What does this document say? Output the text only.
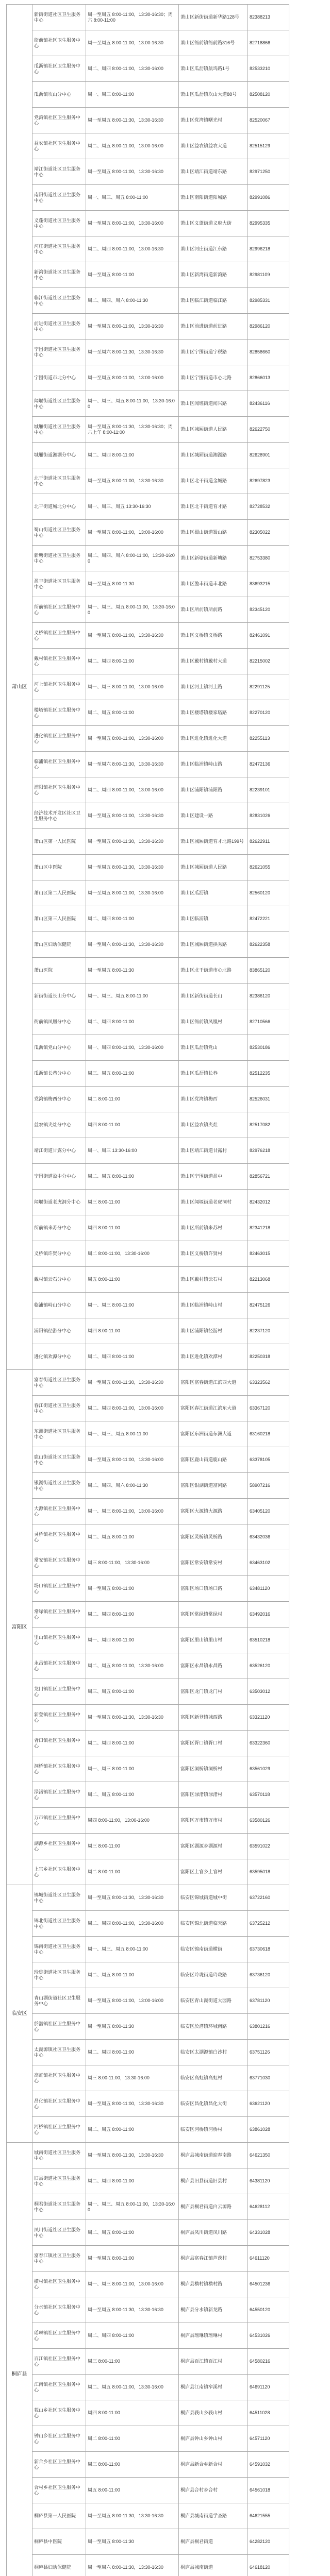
萧山区	新街街道社区卫生服务中心	周一至周五 8:00-11:00，13:30-16:30；周六 8:00-11:00	萧山区新街街道新华路128号	82388213
	衙前镇社区卫生服务中心	周一至周五 8:00-11:00，13:00-16:30	萧山区衙前镇衙前路316号	82718866
	瓜沥镇社区卫生服务中心	周二、周四 8:00-11:00，13:30-16:00	萧山区瓜沥镇航坞路1号	82533210
	瓜沥镇坎山分中心	周一、周三 8:00-11:00	萧山区瓜沥镇坎山大道88号	82508120
	党湾镇社区卫生服务中心	周一至周五 8:00-11:30，13:30-16:30	萧山区党湾镇曙光村	82520067
	益农镇社区卫生服务中心	周二、周五 8:00-11:00，13:00-16:00	萧山区益农镇益农大道	82515129
	靖江街道社区卫生服务中心	周一至周五 8:00-11:00，13:30-16:30	萧山区靖江街道靖东路	82971250
	南阳街道社区卫生服务中心	周一、周三、周五 8:00-11:00	萧山区南阳街道阳城路	82991086
	义蓬街道社区卫生服务中心	周一至周五 8:00-11:00，13:30-16:00	萧山区义蓬街道义府大街	82995335
	河庄街道社区卫生服务中心	周二、周四 8:00-11:00，13:00-16:30	萧山区河庄街道江东路	82996218
	新湾街道社区卫生服务中心	周一至周五 8:00-11:00	萧山区新湾街道新湾路	82981109
	临江街道社区卫生服务中心	周二、周四、周六 8:00-11:30	萧山区临江街道临江路	82985331
	前进街道社区卫生服务中心	周一至周五 8:00-11:00，13:30-16:30	萧山区前进街道前进路	82986120
	宁围街道社区卫生服务中心	周一至周六 8:00-11:30，13:30-16:30	萧山区宁围街道宁税路	82858660
	宁围街道市北分中心	周一至周五 8:00-11:00，13:00-16:00	萧山区宁围街道市心北路	82866013
	闻堰街道社区卫生服务中心	周一、周三、周五 8:00-11:00，13:30-16:00	萧山区闻堰街道闻兴路	82436116
	城厢街道社区卫生服务中心	周一至周五 8:00-11:30，13:30-16:30；周六上午 8:00-11:00	萧山区城厢街道人民路	82622750
	城厢街道湘湖分中心	周二、周四 8:00-11:00	萧山区城厢街道湘湖路	82628901
	北干街道社区卫生服务中心	周一至周五 8:00-11:00，13:30-16:30	萧山区北干街道金城路	82697823
	北干街道城北分中心	周一、周三、周五 13:30-16:30	萧山区北干街道育才路	82728532
	蜀山街道社区卫生服务中心	周一至周五 8:00-11:00，13:00-16:00	萧山区蜀山街道蜀山路	82305022
	新塘街道社区卫生服务中心	周二、周四、周六 8:00-11:00，13:30-16:00	萧山区新塘街道新塘路	82753380
	盈丰街道社区卫生服务中心	周一至周五 8:00-11:30	萧山区盈丰街道丰北路	83693215
	所前镇社区卫生服务中心	周一、周三、周五 8:00-11:00，13:30-16:00	萧山区所前镇所前路	82345120
	义桥镇社区卫生服务中心	周一至周五 8:00-11:00，13:30-16:30	萧山区义桥镇义桥路	82461091
	戴村镇社区卫生服务中心	周二、周四 8:00-11:00	萧山区戴村镇戴村大道	82215002
	河上镇社区卫生服务中心	周一、周三 8:00-11:00，13:00-16:00	萧山区河上镇河上路	82291125
	楼塔镇社区卫生服务中心	周二、周五 8:00-11:00	萧山区楼塔镇楼家塔路	82270120
	进化镇社区卫生服务中心	周一至周五 8:00-11:00，13:30-16:00	萧山区进化镇进化大道	82255113
	临浦镇社区卫生服务中心	周一至周六 8:00-11:30，13:30-16:30	萧山区临浦镇峙山路	82472136
	浦阳镇社区卫生服务中心	周二、周四 8:00-11:00，13:00-16:00	萧山区浦阳镇浦阳路	82239101
	经济技术开发区社区卫生服务中心	周一至周五 8:00-11:00，13:30-16:30	萧山区建设一路	82831026
	萧山区第一人民医院	周一至周五 8:00-11:30，13:30-16:30	萧山区城厢街道育才北路199号	82622911
	萧山区中医院	周一至周五 8:00-11:30，13:30-16:30	萧山区城厢街道人民路	82621055
	萧山区第二人民医院	周一至周五 8:00-11:00，13:30-16:00	萧山区瓜沥镇	82560120
	萧山区第三人民医院	周二、周四 8:00-11:00	萧山区临浦镇	82472221
	萧山区妇幼保健院	周一至周六 8:00-11:30，13:30-16:30	萧山区城厢街道拱秀路	82622358
	萧山医院	周一至周五 8:00-11:30	萧山区北干街道市心北路	83865120
	新街街道长山分中心	周一、周三、周五 8:00-11:00	萧山区新街街道长山	82386120
	衙前镇凤凰分中心	周二、周四 8:00-11:00	萧山区衙前镇凤凰村	82710566
	瓜沥镇党山分中心	周一、周四 8:00-11:00，13:30-16:00	萧山区瓜沥镇党山	82530186
	瓜沥镇长巷分中心	周三、周五 8:00-11:00	萧山区瓜沥镇长巷	82512235
	党湾镇梅西分中心	周二 8:00-11:00	萧山区党湾镇梅西	82526031
	益农镇夹灶分中心	周四 8:00-11:00	萧山区益农镇夹灶	82517082
	靖江街道甘露分中心	周一、周三 13:30-16:00	萧山区靖江街道甘露村	82976218
	宁围街道盈中分中心	周二、周五 8:00-11:00	萧山区宁围街道盈中	82856721
	闻堰街道老虎洞分中心	周三 8:00-11:00	萧山区闻堰街道老虎洞村	82432012
	所前镇来苏分中心	周四 8:00-11:00	萧山区所前镇来苏村	82341218
	义桥镇许贤分中心	周二 8:00-11:00，13:30-16:00	萧山区义桥镇许贤村	82463015
	戴村镇云石分中心	周五 8:00-11:00	萧山区戴村镇云石村	82213068
	临浦镇峙山分中心	周一、周三 8:00-11:00	萧山区临浦镇峙山村	82475126
	浦阳镇径游分中心	周四 8:00-11:00	萧山区浦阳镇径游村	82237120
	进化镇欢潭分中心	周二、周四 8:00-11:00	萧山区进化镇欢潭村	82250318
富阳区	富春街道社区卫生服务中心	周一至周五 8:00-11:30，13:30-16:30	富阳区富春街道江滨西大道	63323562
	春江街道社区卫生服务中心	周二、周四 8:00-11:00，13:00-16:00	富阳区春江街道江滨东大道	63367120
	东洲街道社区卫生服务中心	周一、周三、周五 8:00-11:00	富阳区东洲街道东洲大道	63160218
	鹿山街道社区卫生服务中心	周一至周五 8:00-11:00，13:30-16:00	富阳区鹿山街道鹿山路	63378105
	银湖街道社区卫生服务中心	周二、周四、周六 8:00-11:30	富阳区银湖街道富闲路	58907216
	大源镇社区卫生服务中心	周一、周三 8:00-11:00，13:00-16:00	富阳区大源镇大源路	63405120
	灵桥镇社区卫生服务中心	周二、周五 8:00-11:00	富阳区灵桥镇灵桥路	63432036
	常安镇社区卫生服务中心	周三 8:00-11:00，13:30-16:00	富阳区常安镇常安村	63463102
	场口镇社区卫生服务中心	周一至周五 8:00-11:00	富阳区场口镇场口路	63481120
	常绿镇社区卫生服务中心	周二、周四 8:00-11:00	富阳区常绿镇常绿村	63492016
	里山镇社区卫生服务中心	周一、周四 8:00-11:00	富阳区里山镇里山村	63510218
	永昌镇社区卫生服务中心	周二、周五 8:00-11:00，13:30-16:00	富阳区永昌镇永昌路	63526120
	龙门镇社区卫生服务中心	周三、周五 8:00-11:00	富阳区龙门镇龙门村	63503012
	新登镇社区卫生服务中心	周一至周五 8:00-11:30，13:30-16:30	富阳区新登镇城西路	63321120
	胥口镇社区卫生服务中心	周二、周四 8:00-11:00	富阳区胥口镇胥口村	63322360
	洞桥镇社区卫生服务中心	周一、周三 8:00-11:00	富阳区洞桥镇洞桥村	63561029
	渌渚镇社区卫生服务中心	周二、周五 8:00-11:00	富阳区渌渚镇渌渚村	63570118
	万市镇社区卫生服务中心	周四 8:00-11:00，13:00-16:00	富阳区万市镇万市村	63580126
	湖源乡社区卫生服务中心	周三 8:00-11:00	富阳区湖源乡湖源村	63591022
	上官乡社区卫生服务中心	周二 8:00-11:00	富阳区上官乡上官村	63595018
临安区	锦城街道社区卫生服务中心	周一至周五 8:00-11:30，13:30-16:30	临安区锦城街道城中街	63722160
	锦北街道社区卫生服务中心	周二、周四 8:00-11:00，13:30-16:00	临安区锦北街道临天路	63725212
	锦南街道社区卫生服务中心	周一、周三、周五 8:00-11:00	临安区锦南街道横街	63730618
	玲珑街道社区卫生服务中心	周二、周五 8:00-11:00	临安区玲珑街道玲珑路	63736120
	青山湖街道社区卫生服务中心	周一至周五 8:00-11:00，13:00-16:00	临安区青山湖街道大园路	63781120
	於潜镇社区卫生服务中心	周一至周五 8:00-11:30	临安区於潜镇环城南路	63801216
	太湖源镇社区卫生服务中心	周二、周四 8:00-11:00	临安区太湖源镇白沙村	63751126
	高虹镇社区卫生服务中心	周三 8:00-11:00，13:30-16:00	临安区高虹镇高虹村	63771030
	昌化镇社区卫生服务中心	周一至周五 8:00-11:00，13:30-16:30	临安区昌化镇昌化大街	63621120
	河桥镇社区卫生服务中心	周二、周五 8:00-11:00	临安区河桥镇河桥村	63861028
桐庐县	城南街道社区卫生服务中心	周一至周五 8:00-11:30，13:30-16:30	桐庐县城南街道迎春南路	64621350
	旧县街道社区卫生服务中心	周二、周四 8:00-11:00	桐庐县旧县街道旧县村	64381120
	桐君街道社区卫生服务中心	周一、周三、周五 8:00-11:00，13:30-16:00	桐庐县桐君街道白云源路	64628112
	凤川街道社区卫生服务中心	周二、周五 8:00-11:00	桐庐县凤川街道凤川路	64331028
	富春江镇社区卫生服务中心	周一至周五 8:00-11:00	桐庐县富春江镇芦茨村	64611120
	横村镇社区卫生服务中心	周一、周三 8:00-11:00，13:00-16:00	桐庐县横村镇横村路	64501236
	分水镇社区卫生服务中心	周一至周五 8:00-11:30，13:30-16:30	桐庐县分水镇新龙路	64550120
	瑶琳镇社区卫生服务中心	周二、周四 8:00-11:00	桐庐县瑶琳镇瑶琳村	64531026
	百江镇社区卫生服务中心	周三 8:00-11:00	桐庐县百江镇百江村	64580216
	江南镇社区卫生服务中心	周二、周五 8:00-11:00，13:30-16:00	桐庐县江南镇窄溪村	64691120
	莪山乡社区卫生服务中心	周四 8:00-11:00	桐庐县莪山乡莪山村	64511028
	钟山乡社区卫生服务中心	周二 8:00-11:00	桐庐县钟山乡钟山村	64571120
	新合乡社区卫生服务中心	周三 8:00-11:00	桐庐县新合乡新合村	64591032
	合村乡社区卫生服务中心	周五 8:00-11:00	桐庐县合村乡合村	64561018
	桐庐县第一人民医院	周一至周五 8:00-11:30，13:30-16:30	桐庐县城南街道学圣路	64621555
	桐庐县中医院	周一至周五 8:00-11:30	桐庐县桐君街道	64282120
	桐庐县妇幼保健院	周一至周六 8:00-11:30，13:30-16:30	桐庐县城南街道	64618120
